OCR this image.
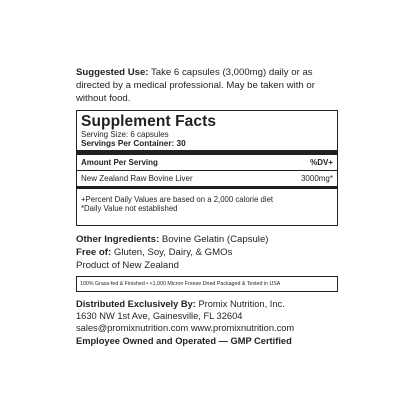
Suggested Use: Take 6 capsules (3,000mg) daily or as directed by a medical professional. May be taken with or without food.
Supplement Facts
Serving Size: 6 capsules
Servings Per Container: 30
Amount Per Serving	%DV+
New Zealand Raw Bovine Liver	3000mg*
+Percent Daily Values are based on a 2,000 calorie diet
*Daily Value not established
Other Ingredients: Bovine Gelatin (Capsule)
Free of: Gluten, Soy, Dairy, & GMOs
Product of New Zealand
100% Grass-fed & Finished • <1,000 Micron Freeze Dried Packaged & Tested in USA
Distributed Exclusively By: Promix Nutrition, Inc.
1630 NW 1st Ave, Gainesville, FL 32604
sales@promixnutrition.com www.promixnutrition.com
Employee Owned and Operated — GMP Certified
